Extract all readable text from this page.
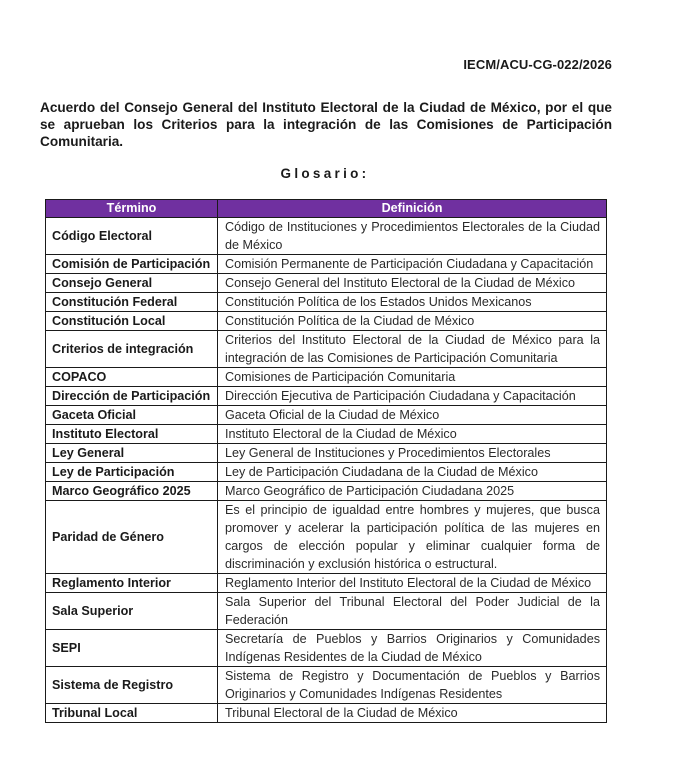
IECM/ACU-CG-022/2026
Acuerdo del Consejo General del Instituto Electoral de la Ciudad de México, por el que se aprueban los Criterios para la integración de las Comisiones de Participación Comunitaria.
Glosario:
Término	Definición
Código Electoral	Código de Instituciones y Procedimientos Electorales de la Ciudad de México
Comisión de Participación	Comisión Permanente de Participación Ciudadana y Capacitación
Consejo General	Consejo General del Instituto Electoral de la Ciudad de México
Constitución Federal	Constitución Política de los Estados Unidos Mexicanos
Constitución Local	Constitución Política de la Ciudad de México
Criterios de integración	Criterios del Instituto Electoral de la Ciudad de México para la integración de las Comisiones de Participación Comunitaria
COPACO	Comisiones de Participación Comunitaria
Dirección de Participación	Dirección Ejecutiva de Participación Ciudadana y Capacitación
Gaceta Oficial	Gaceta Oficial de la Ciudad de México
Instituto Electoral	Instituto Electoral de la Ciudad de México
Ley General	Ley General de Instituciones y Procedimientos Electorales
Ley de Participación	Ley de Participación Ciudadana de la Ciudad de México
Marco Geográfico 2025	Marco Geográfico de Participación Ciudadana 2025
Paridad de Género	Es el principio de igualdad entre hombres y mujeres, que busca promover y acelerar la participación política de las mujeres en cargos de elección popular y eliminar cualquier forma de discriminación y exclusión histórica o estructural.
Reglamento Interior	Reglamento Interior del Instituto Electoral de la Ciudad de México
Sala Superior	Sala Superior del Tribunal Electoral del Poder Judicial de la Federación
SEPI	Secretaría de Pueblos y Barrios Originarios y Comunidades Indígenas Residentes de la Ciudad de México
Sistema de Registro	Sistema de Registro y Documentación de Pueblos y Barrios Originarios y Comunidades Indígenas Residentes
Tribunal Local	Tribunal Electoral de la Ciudad de México
